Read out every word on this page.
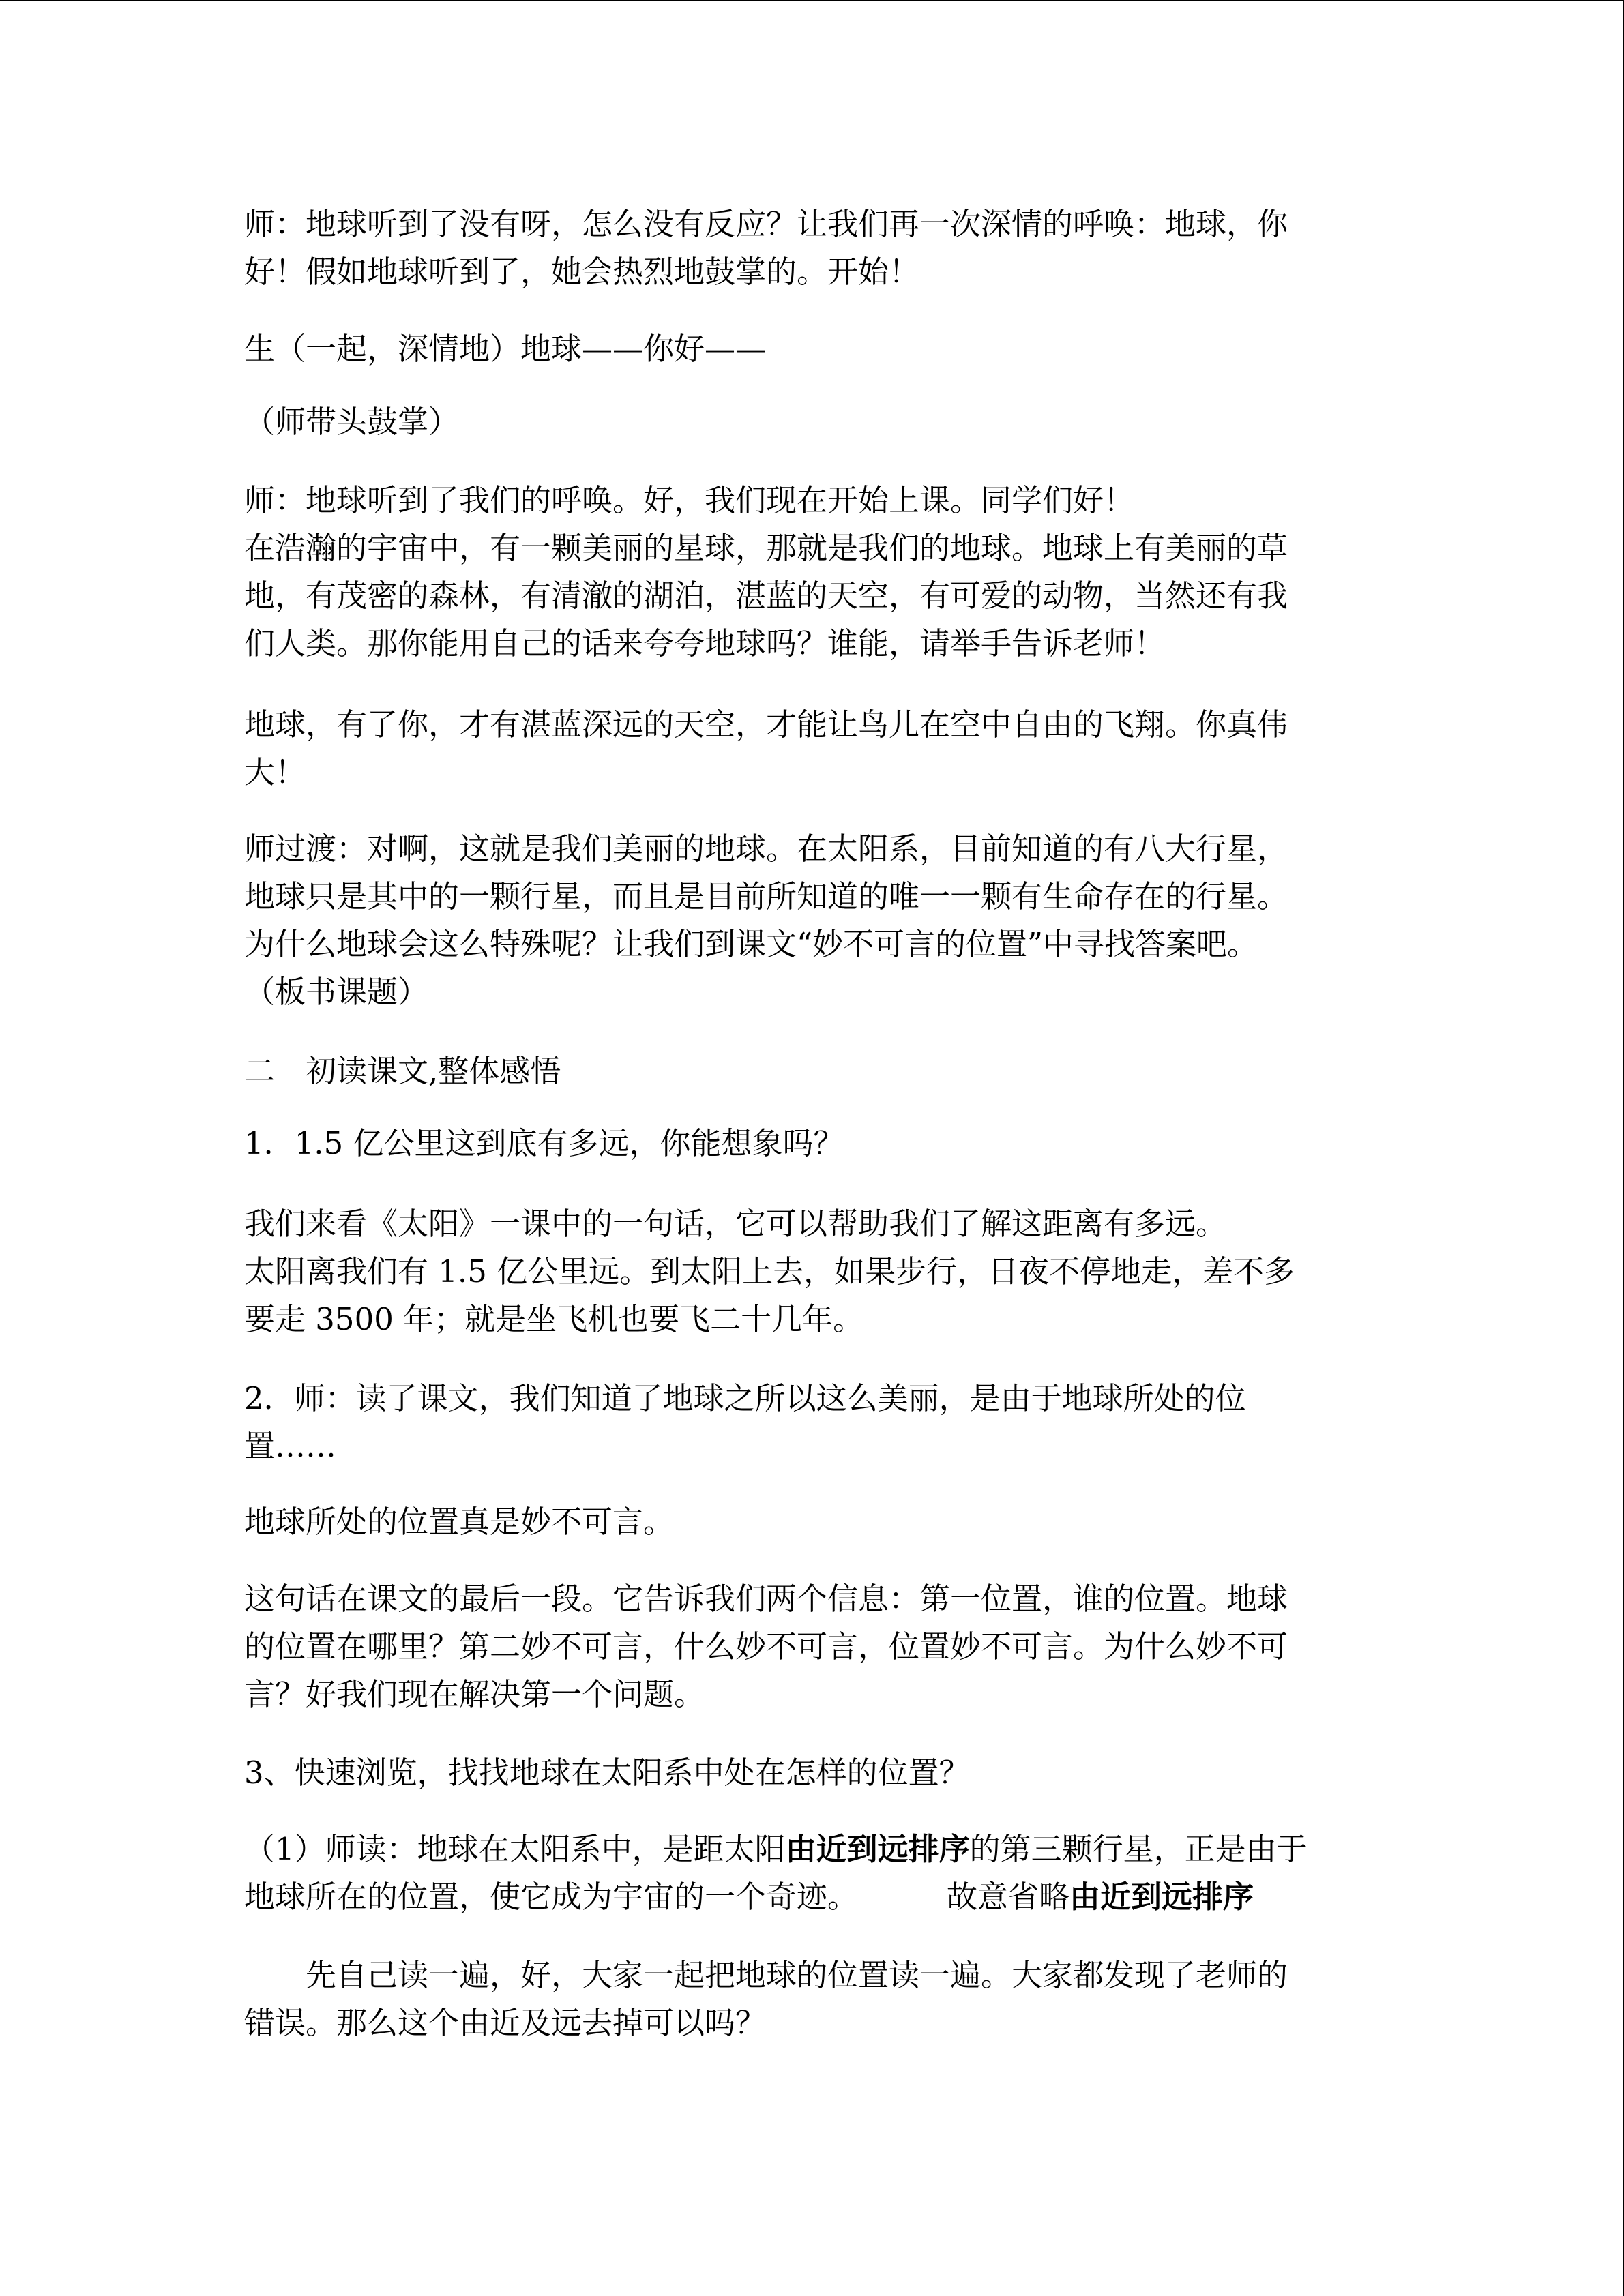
师：地球听到了没有呀，怎么没有反应？让我们再一次深情的呼唤：地球，你
好！假如地球听到了，她会热烈地鼓掌的。开始！

生（一起，深情地）地球——你好——

（师带头鼓掌）

师：地球听到了我们的呼唤。好，我们现在开始上课。同学们好！
在浩瀚的宇宙中，有一颗美丽的星球，那就是我们的地球。地球上有美丽的草
地，有茂密的森林，有清澈的湖泊，湛蓝的天空，有可爱的动物，当然还有我
们人类。那你能用自己的话来夸夸地球吗？谁能，请举手告诉老师！

地球，有了你，才有湛蓝深远的天空，才能让鸟儿在空中自由的飞翔。你真伟
大！

师过渡：对啊，这就是我们美丽的地球。在太阳系，目前知道的有八大行星，
地球只是其中的一颗行星，而且是目前所知道的唯一一颗有生命存在的行星。
为什么地球会这么特殊呢？让我们到课文“妙不可言的位置”中寻找答案吧。
（板书课题）

二　初读课文,整体感悟

1．1.5 亿公里这到底有多远，你能想象吗？

我们来看《太阳》一课中的一句话，它可以帮助我们了解这距离有多远。
太阳离我们有 1.5 亿公里远。到太阳上去，如果步行，日夜不停地走，差不多
要走 3500 年；就是坐飞机也要飞二十几年。

2．师：读了课文，我们知道了地球之所以这么美丽，是由于地球所处的位
置……

地球所处的位置真是妙不可言。

这句话在课文的最后一段。它告诉我们两个信息：第一位置，谁的位置。地球
的位置在哪里？第二妙不可言，什么妙不可言，位置妙不可言。为什么妙不可
言？好我们现在解决第一个问题。

3、快速浏览，找找地球在太阳系中处在怎样的位置？

（1）师读：地球在太阳系中，是距太阳由近到远排序的第三颗行星，正是由于
地球所在的位置，使它成为宇宙的一个奇迹。	故意省略由近到远排序

先自己读一遍，好，大家一起把地球的位置读一遍。大家都发现了老师的
错误。那么这个由近及远去掉可以吗？
